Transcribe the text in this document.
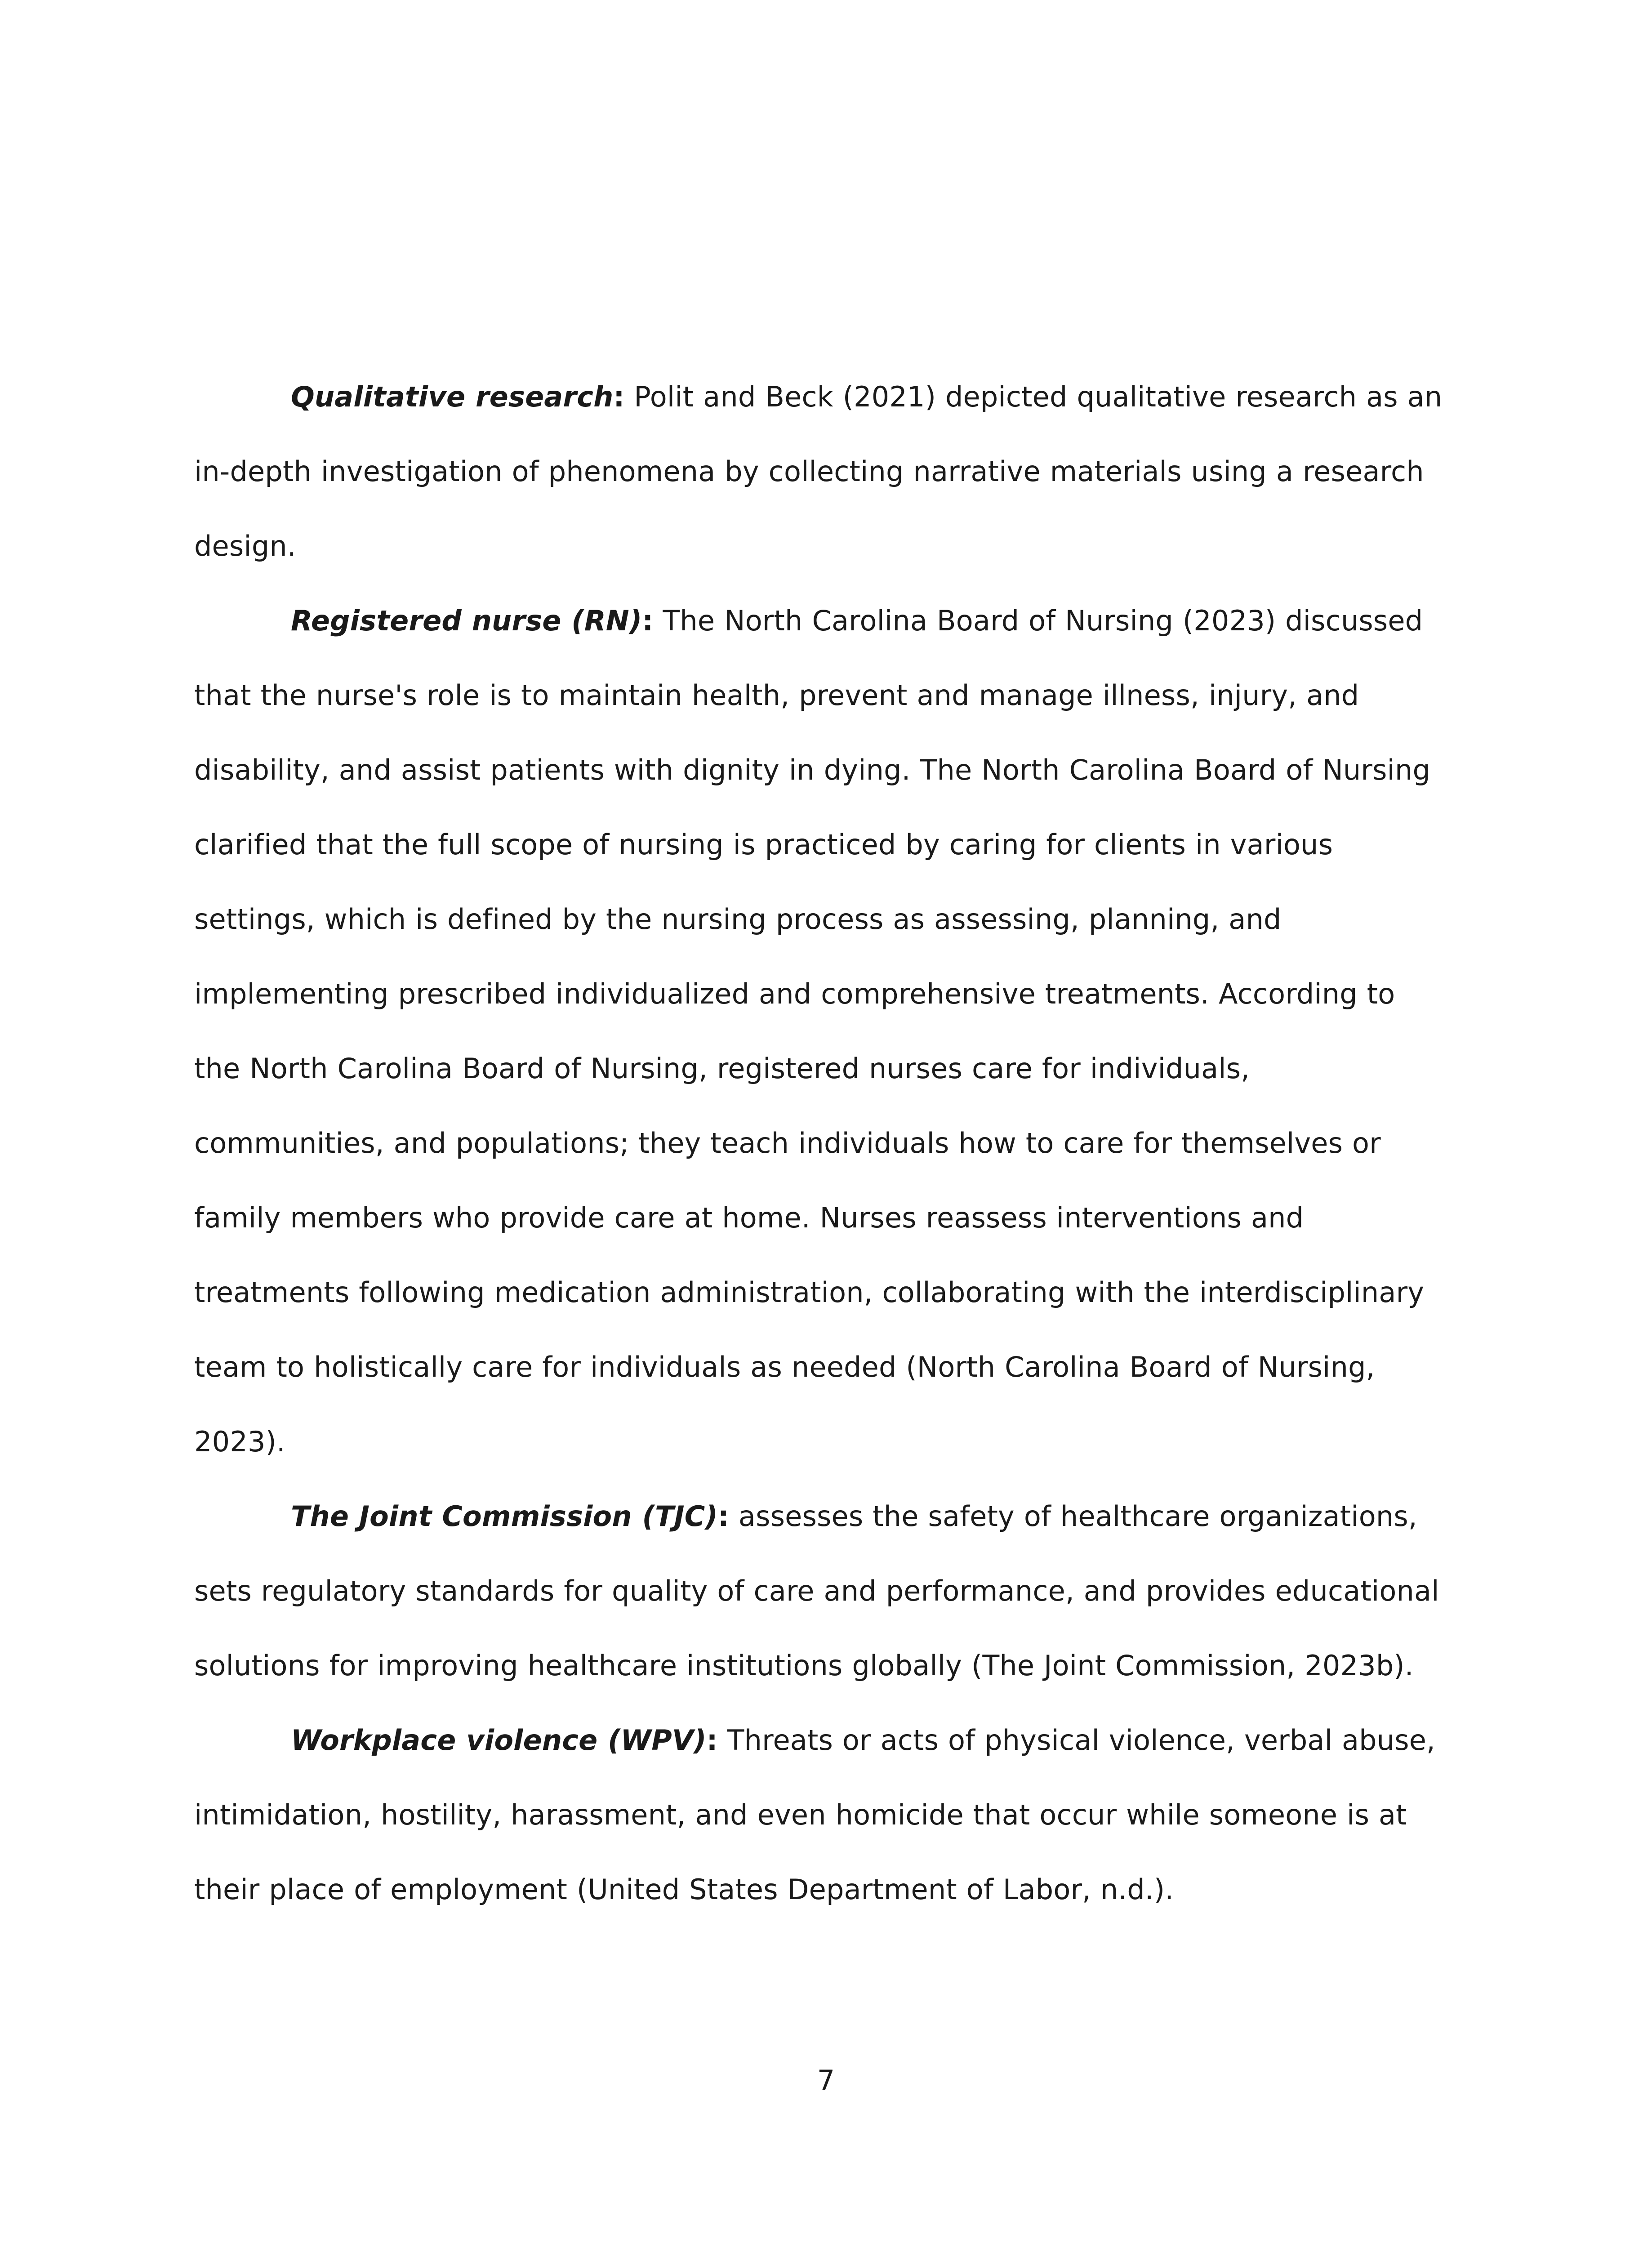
Qualitative research: Polit and Beck (2021) depicted qualitative research as an in-depth investigation of phenomena by collecting narrative materials using a research design.

Registered nurse (RN): The North Carolina Board of Nursing (2023) discussed that the nurse's role is to maintain health, prevent and manage illness, injury, and disability, and assist patients with dignity in dying. The North Carolina Board of Nursing clarified that the full scope of nursing is practiced by caring for clients in various settings, which is defined by the nursing process as assessing, planning, and implementing prescribed individualized and comprehensive treatments. According to the North Carolina Board of Nursing, registered nurses care for individuals, communities, and populations; they teach individuals how to care for themselves or family members who provide care at home. Nurses reassess interventions and treatments following medication administration, collaborating with the interdisciplinary team to holistically care for individuals as needed (North Carolina Board of Nursing, 2023).

The Joint Commission (TJC): assesses the safety of healthcare organizations, sets regulatory standards for quality of care and performance, and provides educational solutions for improving healthcare institutions globally (The Joint Commission, 2023b).

Workplace violence (WPV): Threats or acts of physical violence, verbal abuse, intimidation, hostility, harassment, and even homicide that occur while someone is at their place of employment (United States Department of Labor, n.d.).

7
